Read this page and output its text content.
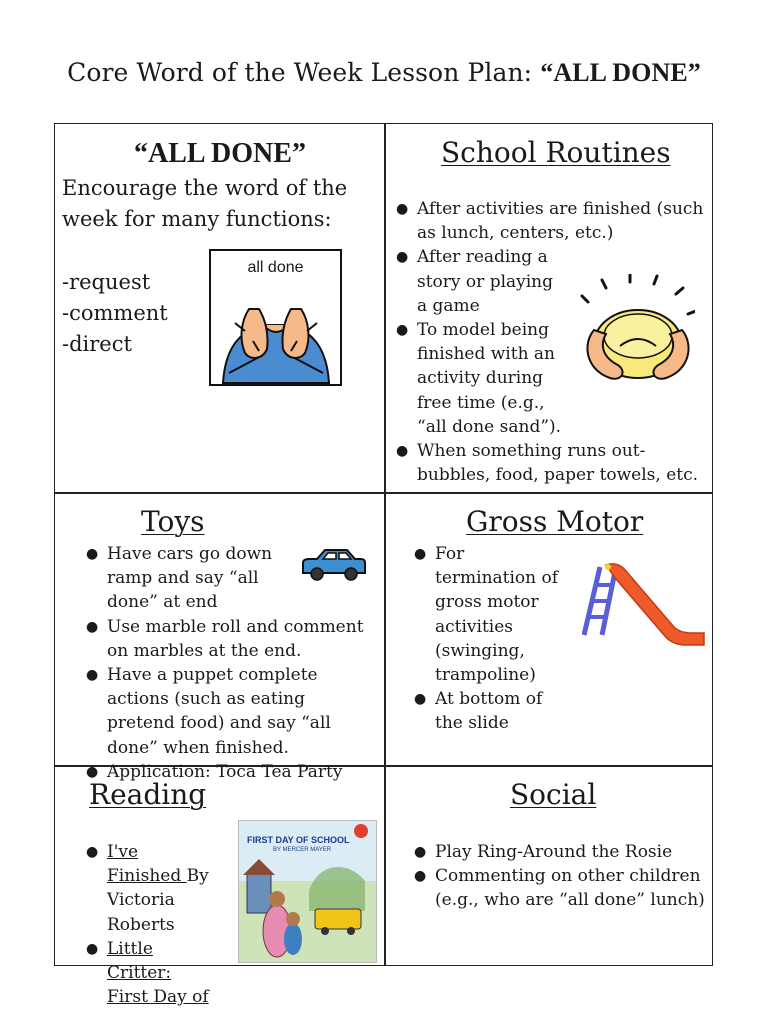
Core Word of the Week Lesson Plan: “ALL DONE”
“ALL DONE”
Encourage the word of the
week for many functions:
-request
-comment
-direct
all done
School Routines
● After activities are finished (such as lunch, centers, etc.)
● After reading a story or playing a game
● To model being finished with an activity during free time (e.g., “all done sand”).
● When something runs out- bubbles, food, paper towels, etc.
Toys
● Have cars go down ramp and say “all done” at end
● Use marble roll and comment on marbles at the end.
● Have a puppet complete actions (such as eating pretend food) and say “all done” when finished.
● Application: Toca Tea Party
Gross Motor
● For termination of gross motor activities (swinging, trampoline)
● At bottom of the slide
Reading
● I've Finished By Victoria Roberts
● Little Critter: First Day of
FIRST DAY OF SCHOOL
BY MERCER MAYER
Social
● Play Ring-Around the Rosie
● Commenting on other children (e.g., who are “all done” lunch)
